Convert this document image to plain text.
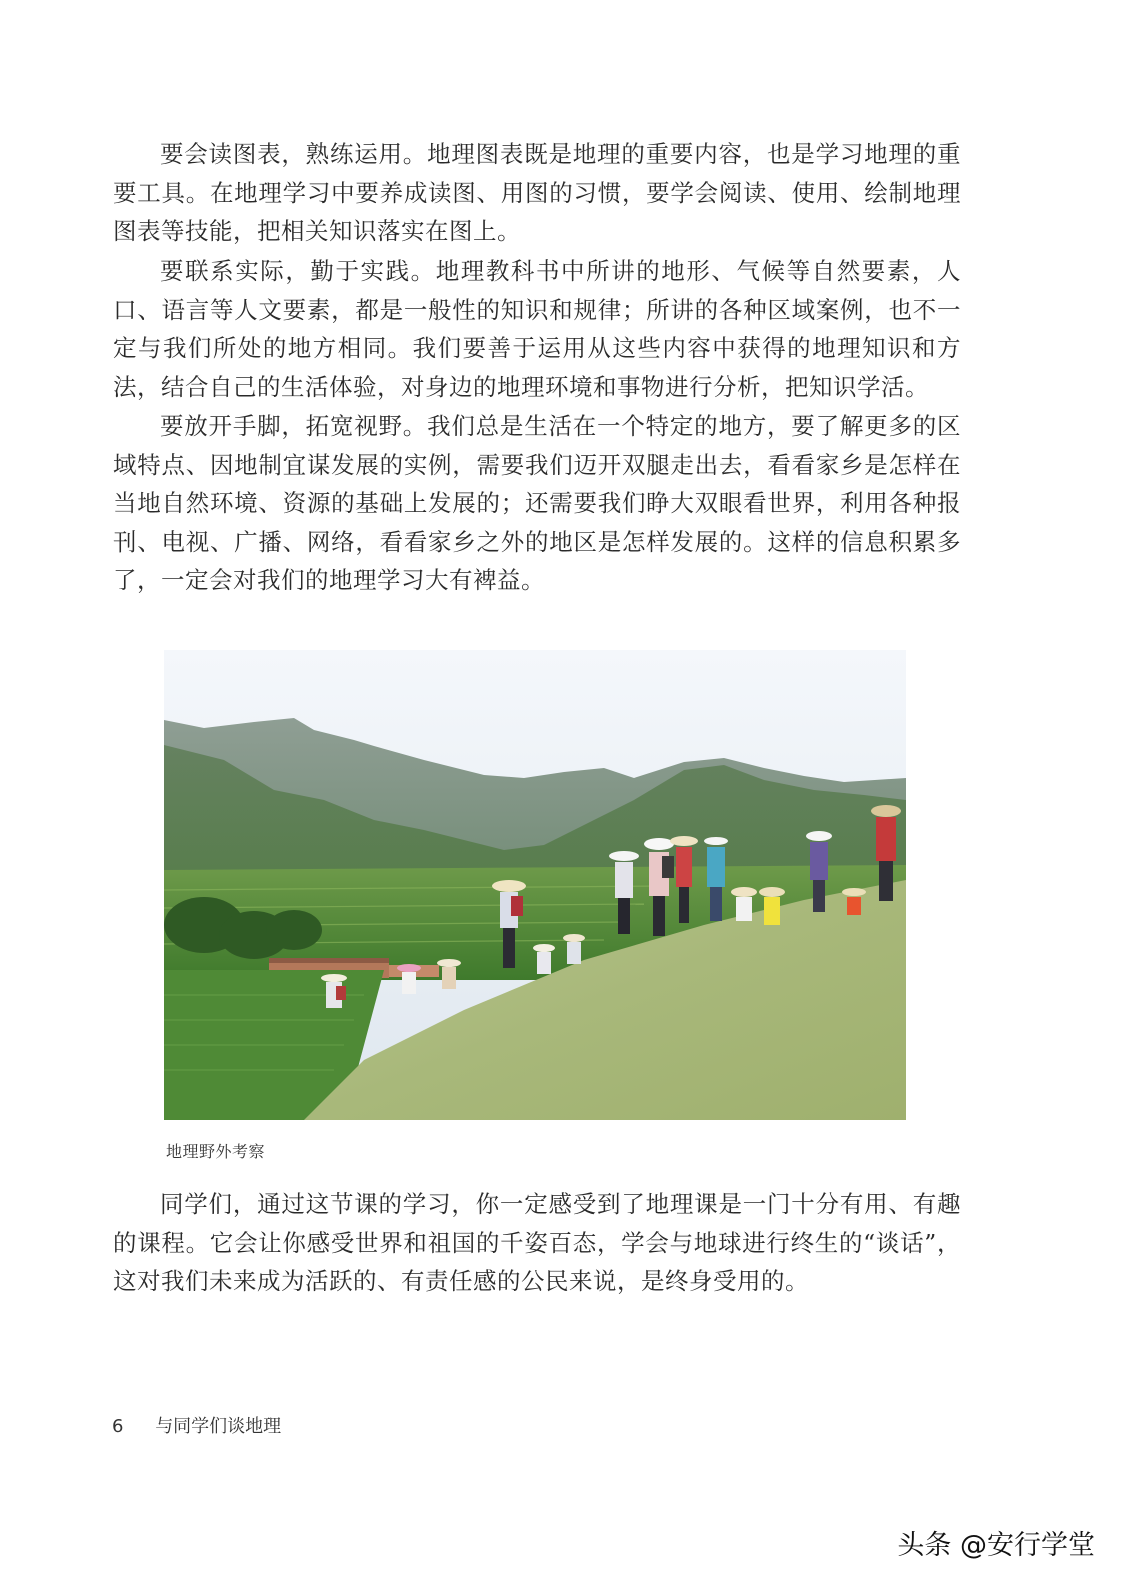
要会读图表，熟练运用。地理图表既是地理的重要内容，也是学习地理的重要工具。在地理学习中要养成读图、用图的习惯，要学会阅读、使用、绘制地理图表等技能，把相关知识落实在图上。

要联系实际，勤于实践。地理教科书中所讲的地形、气候等自然要素，人口、语言等人文要素，都是一般性的知识和规律；所讲的各种区域案例，也不一定与我们所处的地方相同。我们要善于运用从这些内容中获得的地理知识和方法，结合自己的生活体验，对身边的地理环境和事物进行分析，把知识学活。

要放开手脚，拓宽视野。我们总是生活在一个特定的地方，要了解更多的区域特点、因地制宜谋发展的实例，需要我们迈开双腿走出去，看看家乡是怎样在当地自然环境、资源的基础上发展的；还需要我们睁大双眼看世界，利用各种报刊、电视、广播、网络，看看家乡之外的地区是怎样发展的。这样的信息积累多了，一定会对我们的地理学习大有裨益。

地理野外考察

同学们，通过这节课的学习，你一定感受到了地理课是一门十分有用、有趣的课程。它会让你感受世界和祖国的千姿百态，学会与地球进行终生的“谈话”，这对我们未来成为活跃的、有责任感的公民来说，是终身受用的。

6 与同学们谈地理
头条 @安行学堂
